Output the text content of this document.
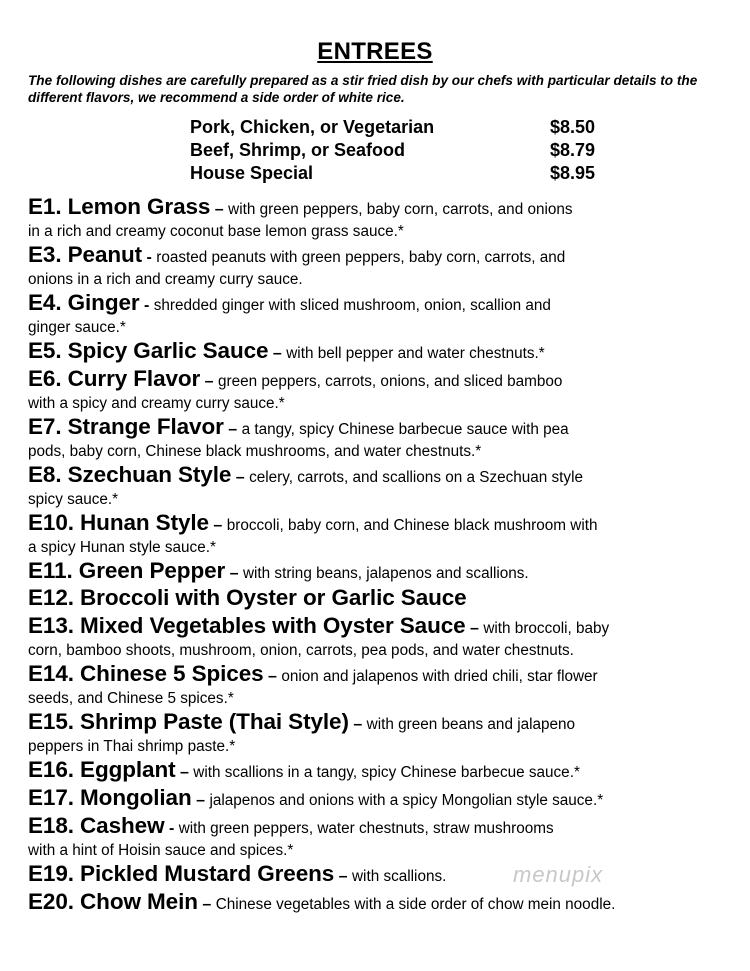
ENTREES
The following dishes are carefully prepared as a stir fried dish by our chefs with particular details to the different flavors, we recommend a side order of white rice.
Pork, Chicken, or Vegetarian	$8.50
Beef, Shrimp, or Seafood	$8.79
House Special	$8.95
E1. Lemon Grass – with green peppers, baby corn, carrots, and onions
in a rich and creamy coconut base lemon grass sauce.*
E3. Peanut - roasted peanuts with green peppers, baby corn, carrots, and
onions in a rich and creamy curry sauce.
E4. Ginger - shredded ginger with sliced mushroom, onion, scallion and
ginger sauce.*
E5. Spicy Garlic Sauce – with bell pepper and water chestnuts.*
E6. Curry Flavor – green peppers, carrots, onions, and sliced bamboo
with a spicy and creamy curry sauce.*
E7. Strange Flavor – a tangy, spicy Chinese barbecue sauce with pea
pods, baby corn, Chinese black mushrooms, and water chestnuts.*
E8. Szechuan Style – celery, carrots, and scallions on a Szechuan style
spicy sauce.*
E10. Hunan Style – broccoli, baby corn, and Chinese black mushroom with
a spicy Hunan style sauce.*
E11. Green Pepper – with string beans, jalapenos and scallions.
E12. Broccoli with Oyster or Garlic Sauce
E13. Mixed Vegetables with Oyster Sauce – with broccoli, baby
corn, bamboo shoots, mushroom, onion, carrots, pea pods, and water chestnuts.
E14. Chinese 5 Spices – onion and jalapenos with dried chili, star flower
seeds, and Chinese 5 spices.*
E15. Shrimp Paste (Thai Style) – with green beans and jalapeno
peppers in Thai shrimp paste.*
E16. Eggplant – with scallions in a tangy, spicy Chinese barbecue sauce.*
E17. Mongolian – jalapenos and onions with a spicy Mongolian style sauce.*
E18. Cashew - with green peppers, water chestnuts, straw mushrooms
with a hint of Hoisin sauce and spices.*
E19. Pickled Mustard Greens – with scallions.
E20. Chow Mein – Chinese vegetables with a side order of chow mein noodle.
menupix
